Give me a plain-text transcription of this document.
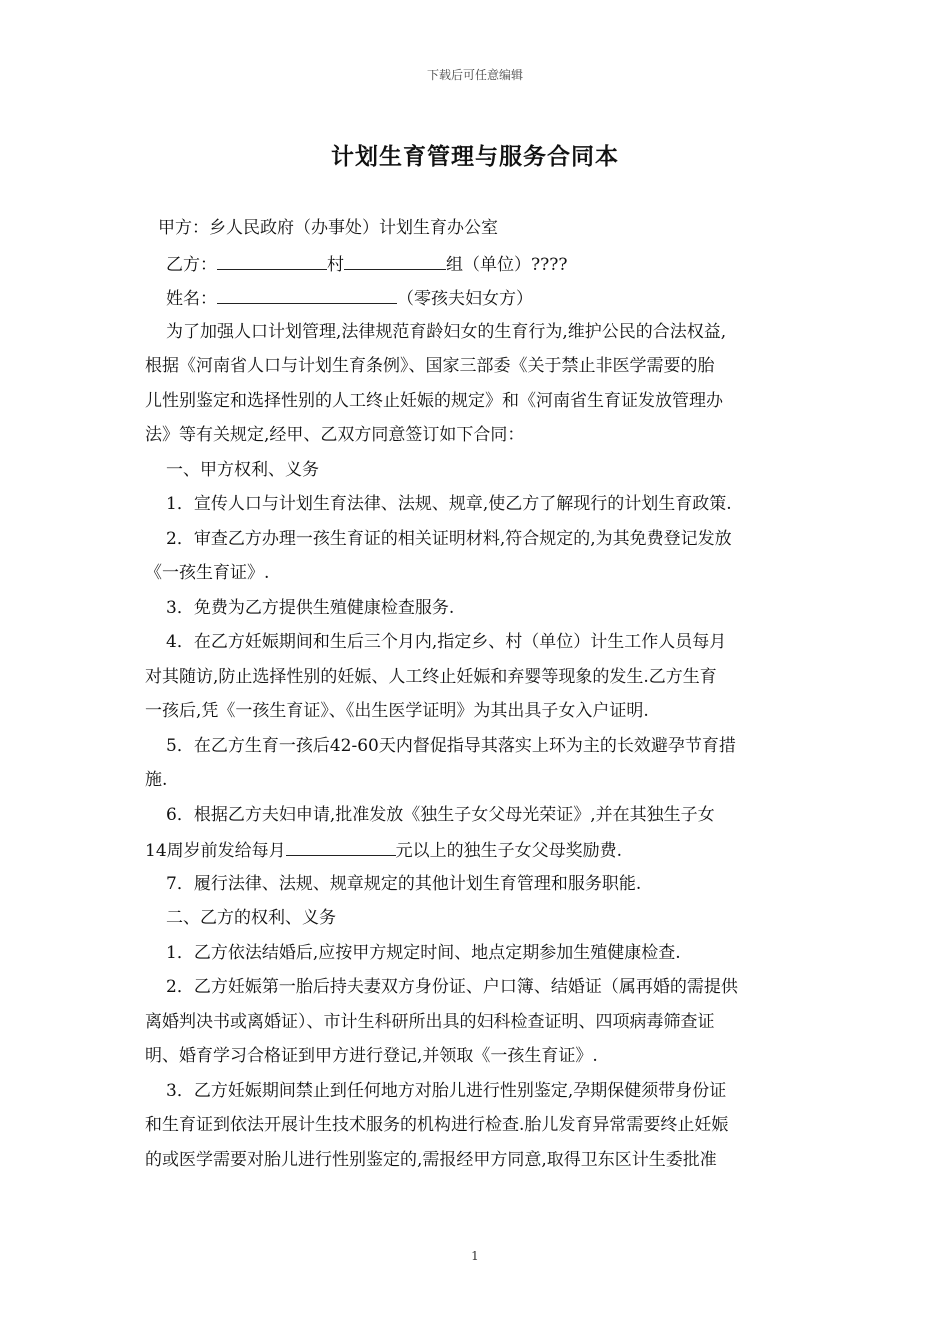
下载后可任意编辑
计划生育管理与服务合同本
甲方：乡人民政府（办事处）计划生育办公室
乙方：	村	组（单位）????
姓名：	（零孩夫妇女方）
为了加强人口计划管理,法律规范育龄妇女的生育行为,维护公民的合法权益,
根据《河南省人口与计划生育条例》、国家三部委《关于禁止非医学需要的胎
儿性别鉴定和选择性别的人工终止妊娠的规定》和《河南省生育证发放管理办
法》等有关规定,经甲、乙双方同意签订如下合同：
一、甲方权利、义务
1．宣传人口与计划生育法律、法规、规章,使乙方了解现行的计划生育政策.
2．审查乙方办理一孩生育证的相关证明材料,符合规定的,为其免费登记发放
《一孩生育证》.
3．免费为乙方提供生殖健康检查服务.
4．在乙方妊娠期间和生后三个月内,指定乡、村（单位）计生工作人员每月
对其随访,防止选择性别的妊娠、人工终止妊娠和弃婴等现象的发生.乙方生育
一孩后,凭《一孩生育证》、《出生医学证明》为其出具子女入户证明.
5．在乙方生育一孩后42-60天内督促指导其落实上环为主的长效避孕节育措
施.
6．根据乙方夫妇申请,批准发放《独生子女父母光荣证》,并在其独生子女
14周岁前发给每月	元以上的独生子女父母奖励费.
7．履行法律、法规、规章规定的其他计划生育管理和服务职能.
二、乙方的权利、义务
1．乙方依法结婚后,应按甲方规定时间、地点定期参加生殖健康检查.
2．乙方妊娠第一胎后持夫妻双方身份证、户口簿、结婚证（属再婚的需提供
离婚判决书或离婚证）、市计生科研所出具的妇科检查证明、四项病毒筛查证
明、婚育学习合格证到甲方进行登记,并领取《一孩生育证》.
3．乙方妊娠期间禁止到任何地方对胎儿进行性别鉴定,孕期保健须带身份证
和生育证到依法开展计生技术服务的机构进行检查.胎儿发育异常需要终止妊娠
的或医学需要对胎儿进行性别鉴定的,需报经甲方同意,取得卫东区计生委批准
1
